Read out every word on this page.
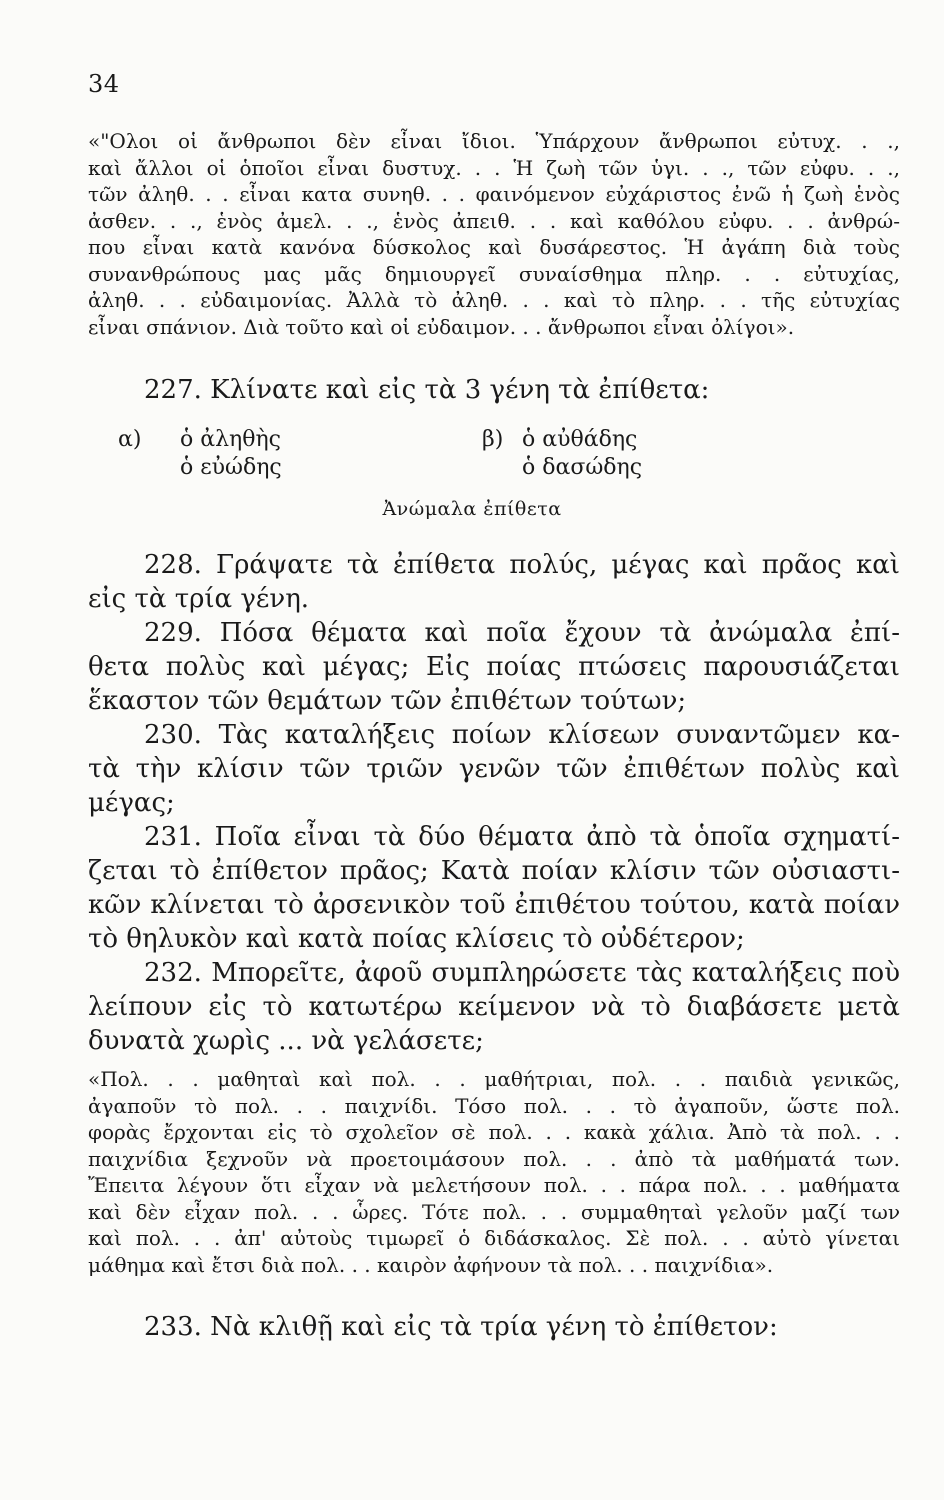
34
«"Ολοι οἱ ἄνθρωποι δὲν εἶναι ἴδιοι. Ὑπάρχουν ἄνθρωποι εὐτυχ. . .,
καὶ ἄλλοι οἱ ὁποῖοι εἶναι δυστυχ. . . Ἡ ζωὴ τῶν ὑγι. . ., τῶν εὐφυ. . .,
τῶν ἀληθ. . . εἶναι κατα συνηθ. . . φαινόμενον εὐχάριστος ἐνῶ ἡ ζωὴ ἑνὸς
ἀσθεν. . ., ἑνὸς ἀμελ. . ., ἑνὸς ἀπειθ. . . καὶ καθόλου εὐφυ. . . ἀνθρώ-
που εἶναι κατὰ κανόνα δύσκολος καὶ δυσάρεστος. Ἡ ἀγάπη διὰ τοὺς
συνανθρώπους μας μᾶς δημιουργεῖ συναίσθημα πληρ. . . εὐτυχίας,
ἀληθ. . . εὐδαιμονίας. Ἀλλὰ τὸ ἀληθ. . . καὶ τὸ πληρ. . . τῆς εὐτυχίας
εἶναι σπάνιον. Διὰ τοῦτο καὶ οἱ εὐδαιμον. . . ἄνθρωποι εἶναι ὀλίγοι».
227. Κλίνατε καὶ εἰς τὰ 3 γένη τὰ ἐπίθετα:
α) ὁ ἀληθὴς
ὁ εὐώδης
β) ὁ αὐθάδης
ὁ δασώδης
Ἀνώμαλα ἐπίθετα
228. Γράψατε τὰ ἐπίθετα πολύς, μέγας καὶ πρᾶος καὶ
εἰς τὰ τρία γένη.
229. Πόσα θέματα καὶ ποῖα ἔχουν τὰ ἀνώμαλα ἐπί-
θετα πολὺς καὶ μέγας; Εἰς ποίας πτώσεις παρουσιάζεται
ἕκαστον τῶν θεμάτων τῶν ἐπιθέτων τούτων;
230. Τὰς καταλήξεις ποίων κλίσεων συναντῶμεν κα-
τὰ τὴν κλίσιν τῶν τριῶν γενῶν τῶν ἐπιθέτων πολὺς καὶ
μέγας;
231. Ποῖα εἶναι τὰ δύο θέματα ἀπὸ τὰ ὁποῖα σχηματί-
ζεται τὸ ἐπίθετον πρᾶος; Κατὰ ποίαν κλίσιν τῶν οὐσιαστι-
κῶν κλίνεται τὸ ἀρσενικὸν τοῦ ἐπιθέτου τούτου, κατὰ ποίαν
τὸ θηλυκὸν καὶ κατὰ ποίας κλίσεις τὸ οὐδέτερον;
232. Μπορεῖτε, ἀφοῦ συμπληρώσετε τὰς καταλήξεις ποὺ
λείπουν εἰς τὸ κατωτέρω κείμενον νὰ τὸ διαβάσετε μετὰ
δυνατὰ χωρὶς ... νὰ γελάσετε;
«Πολ. . . μαθηταὶ καὶ πολ. . . μαθήτριαι, πολ. . . παιδιὰ γενικῶς,
ἀγαποῦν τὸ πολ. . . παιχνίδι. Τόσο πολ. . . τὸ ἀγαποῦν, ὥστε πολ.
φορὰς ἔρχονται εἰς τὸ σχολεῖον σὲ πολ. . . κακὰ χάλια. Ἀπὸ τὰ πολ. . .
παιχνίδια ξεχνοῦν νὰ προετοιμάσουν πολ. . . ἀπὸ τὰ μαθήματά των.
Ἔπειτα λέγουν ὅτι εἶχαν νὰ μελετήσουν πολ. . . πάρα πολ. . . μαθήματα
καὶ δὲν εἶχαν πολ. . . ὧρες. Τότε πολ. . . συμμαθηταὶ γελοῦν μαζί των
καὶ πολ. . . ἀπ' αὐτοὺς τιμωρεῖ ὁ διδάσκαλος. Σὲ πολ. . . αὐτὸ γίνεται
μάθημα καὶ ἔτσι διὰ πολ. . . καιρὸν ἀφήνουν τὰ πολ. . . παιχνίδια».
233. Νὰ κλιθῇ καὶ εἰς τὰ τρία γένη τὸ ἐπίθετον:
